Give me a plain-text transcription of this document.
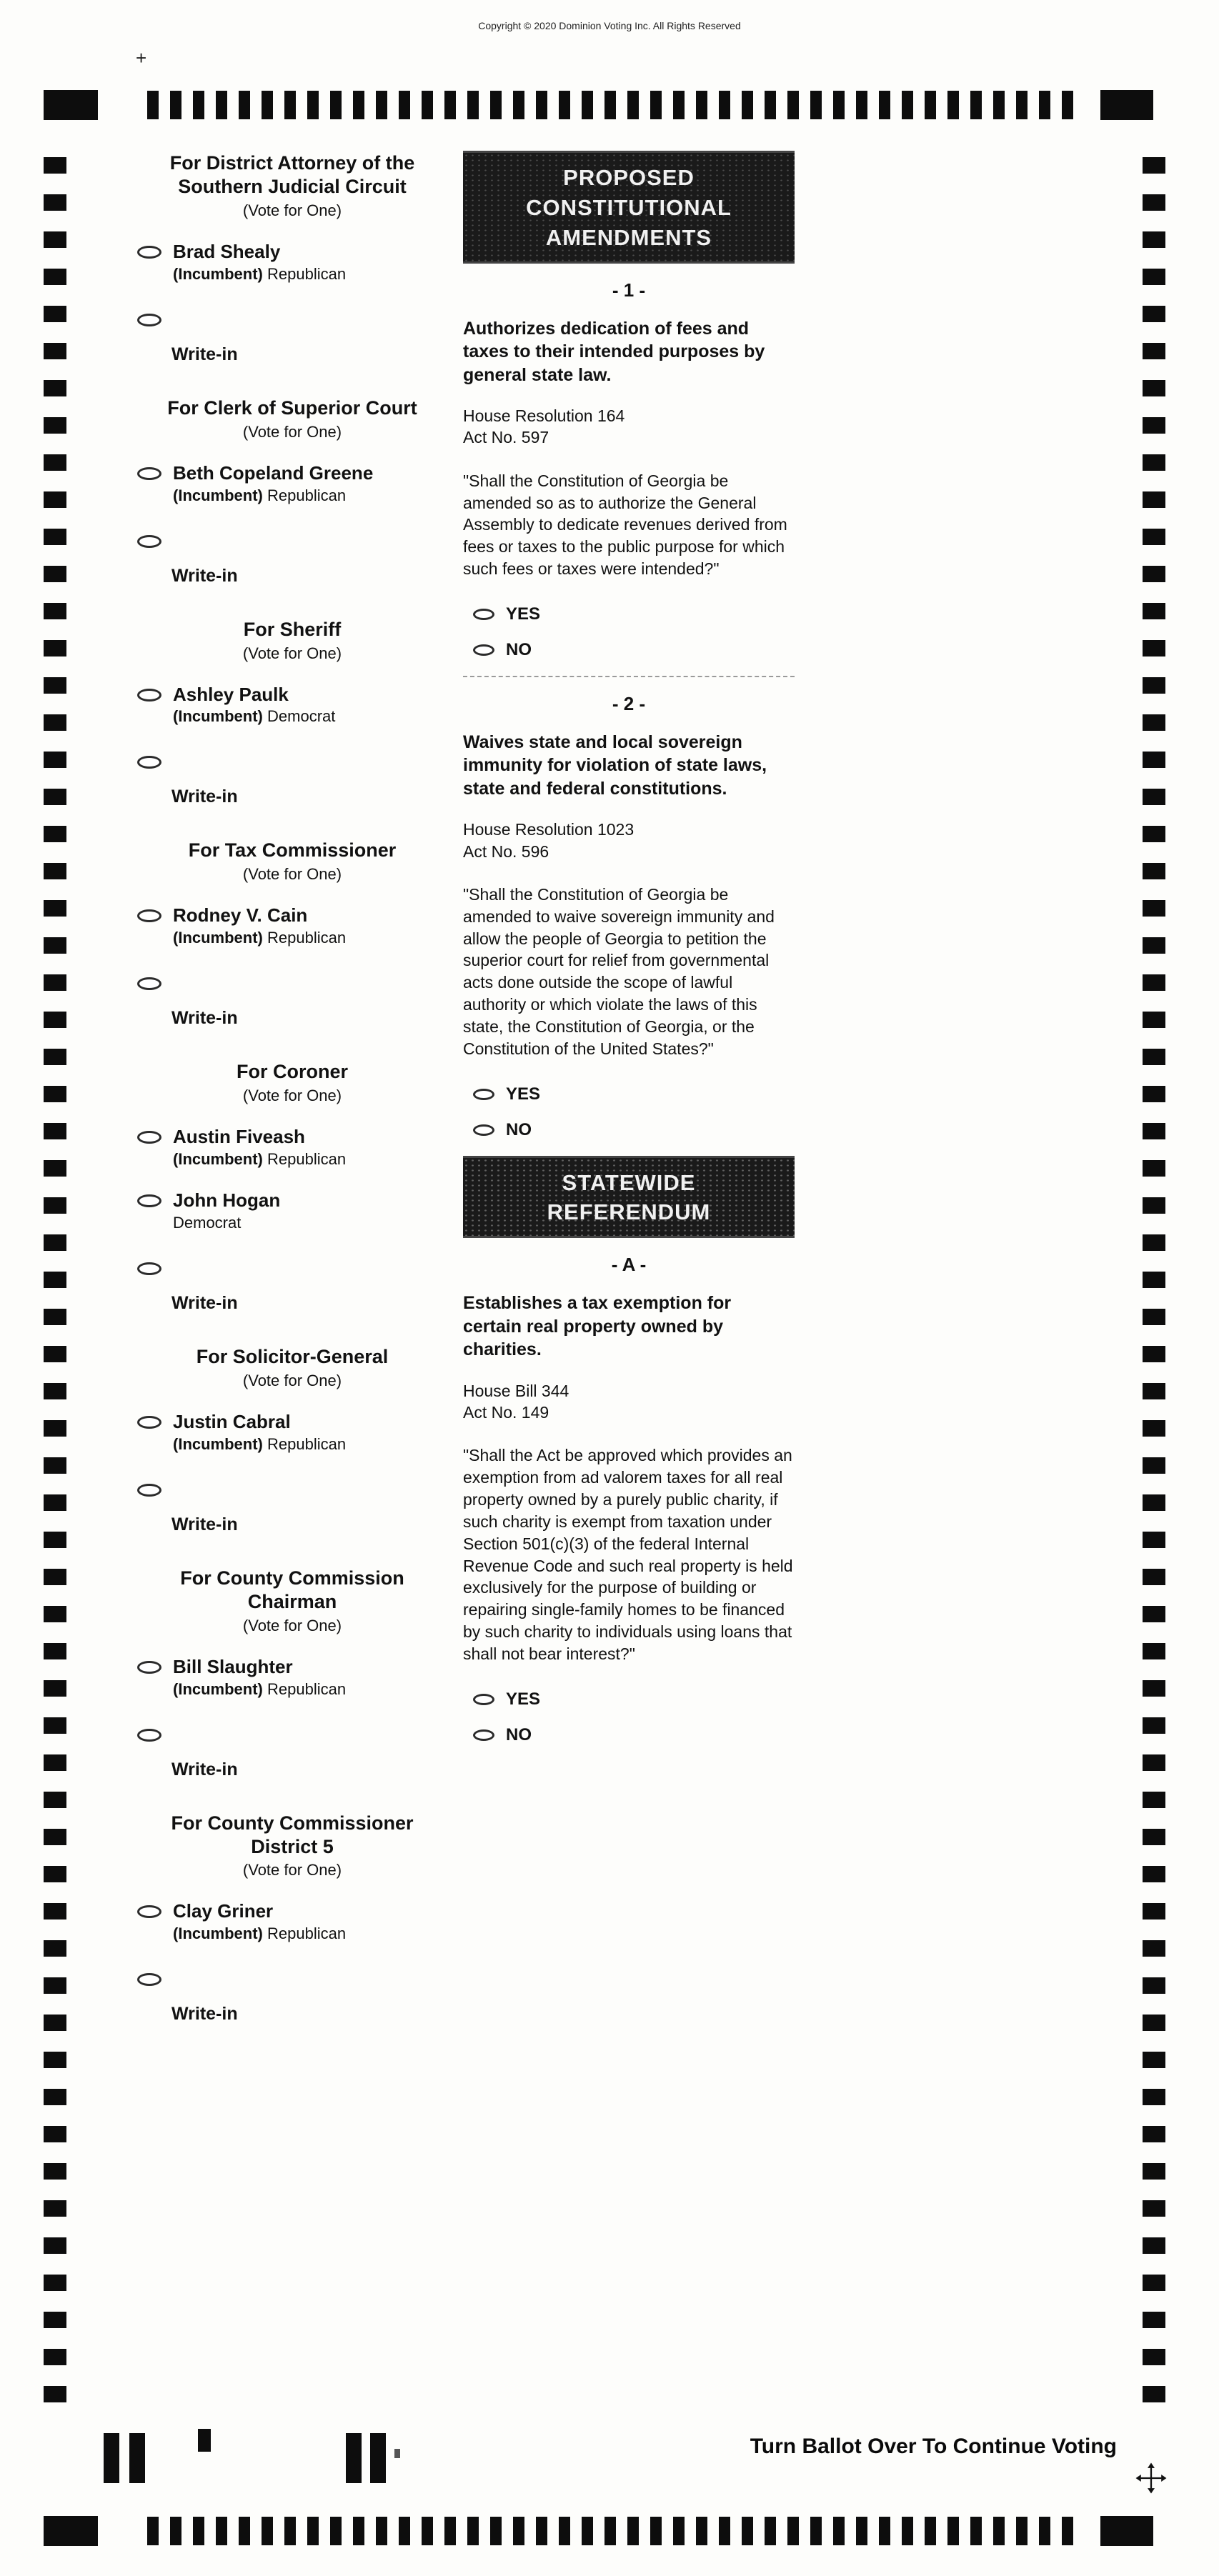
Copyright © 2020 Dominion Voting Inc. All Rights Reserved
+
For District Attorney of the
Southern Judicial Circuit
(Vote for One)
Brad Shealy
(Incumbent) Republican
Write-in
For Clerk of Superior Court
(Vote for One)
Beth Copeland Greene
(Incumbent) Republican
Write-in
For Sheriff
(Vote for One)
Ashley Paulk
(Incumbent) Democrat
Write-in
For Tax Commissioner
(Vote for One)
Rodney V. Cain
(Incumbent) Republican
Write-in
For Coroner
(Vote for One)
Austin Fiveash
(Incumbent) Republican
John Hogan
Democrat
Write-in
For Solicitor-General
(Vote for One)
Justin Cabral
(Incumbent) Republican
Write-in
For County Commission
Chairman
(Vote for One)
Bill Slaughter
(Incumbent) Republican
Write-in
For County Commissioner
District 5
(Vote for One)
Clay Griner
(Incumbent) Republican
Write-in
PROPOSED
CONSTITUTIONAL
AMENDMENTS
- 1 -

Authorizes dedication of fees and taxes to their intended purposes by general state law.

House Resolution 164
Act No. 597

"Shall the Constitution of Georgia be amended so as to authorize the General Assembly to dedicate revenues derived from fees or taxes to the public purpose for which such fees or taxes were intended?"

YES
NO
- 2 -

Waives state and local sovereign immunity for violation of state laws, state and federal constitutions.

House Resolution 1023
Act No. 596

"Shall the Constitution of Georgia be amended to waive sovereign immunity and allow the people of Georgia to petition the superior court for relief from governmental acts done outside the scope of lawful authority or which violate the laws of this state, the Constitution of Georgia, or the Constitution of the United States?"

YES
NO
STATEWIDE
REFERENDUM
- A -

Establishes a tax exemption for certain real property owned by charities.

House Bill 344
Act No. 149

"Shall the Act be approved which provides an exemption from ad valorem taxes for all real property owned by a purely public charity, if such charity is exempt from taxation under Section 501(c)(3) of the federal Internal Revenue Code and such real property is held exclusively for the purpose of building or repairing single-family homes to be financed by such charity to individuals using loans that shall not bear interest?"

YES
NO
Turn Ballot Over To Continue Voting
